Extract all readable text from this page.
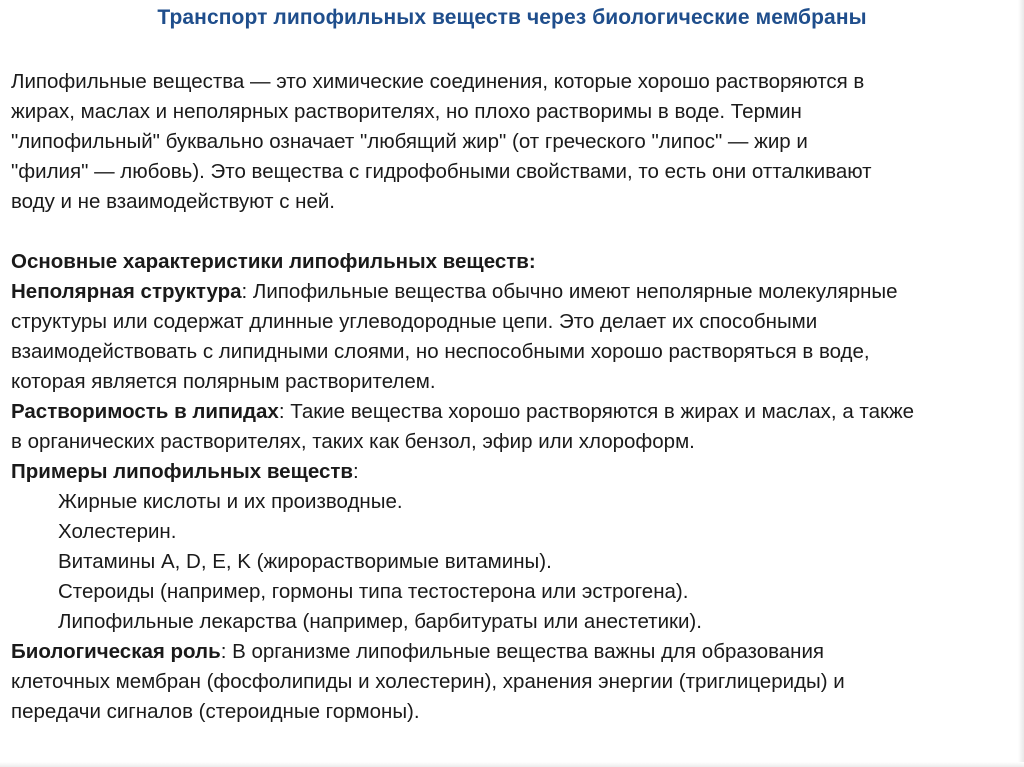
Транспорт липофильных веществ через биологические мембраны
Липофильные вещества — это химические соединения, которые хорошо растворяются в
жирах, маслах и неполярных растворителях, но плохо растворимы в воде. Термин
"липофильный" буквально означает "любящий жир" (от греческого "липос" — жир и
"филия" — любовь). Это вещества с гидрофобными свойствами, то есть они отталкивают
воду и не взаимодействуют с ней.
Основные характеристики липофильных веществ:
Неполярная структура: Липофильные вещества обычно имеют неполярные молекулярные
структуры или содержат длинные углеводородные цепи. Это делает их способными
взаимодействовать с липидными слоями, но неспособными хорошо растворяться в воде,
которая является полярным растворителем.
Растворимость в липидах: Такие вещества хорошо растворяются в жирах и маслах, а также
в органических растворителях, таких как бензол, эфир или хлороформ.
Примеры липофильных веществ:
Жирные кислоты и их производные.
Холестерин.
Витамины A, D, E, K (жирорастворимые витамины).
Стероиды (например, гормоны типа тестостерона или эстрогена).
Липофильные лекарства (например, барбитураты или анестетики).
Биологическая роль: В организме липофильные вещества важны для образования
клеточных мембран (фосфолипиды и холестерин), хранения энергии (триглицериды) и
передачи сигналов (стероидные гормоны).
